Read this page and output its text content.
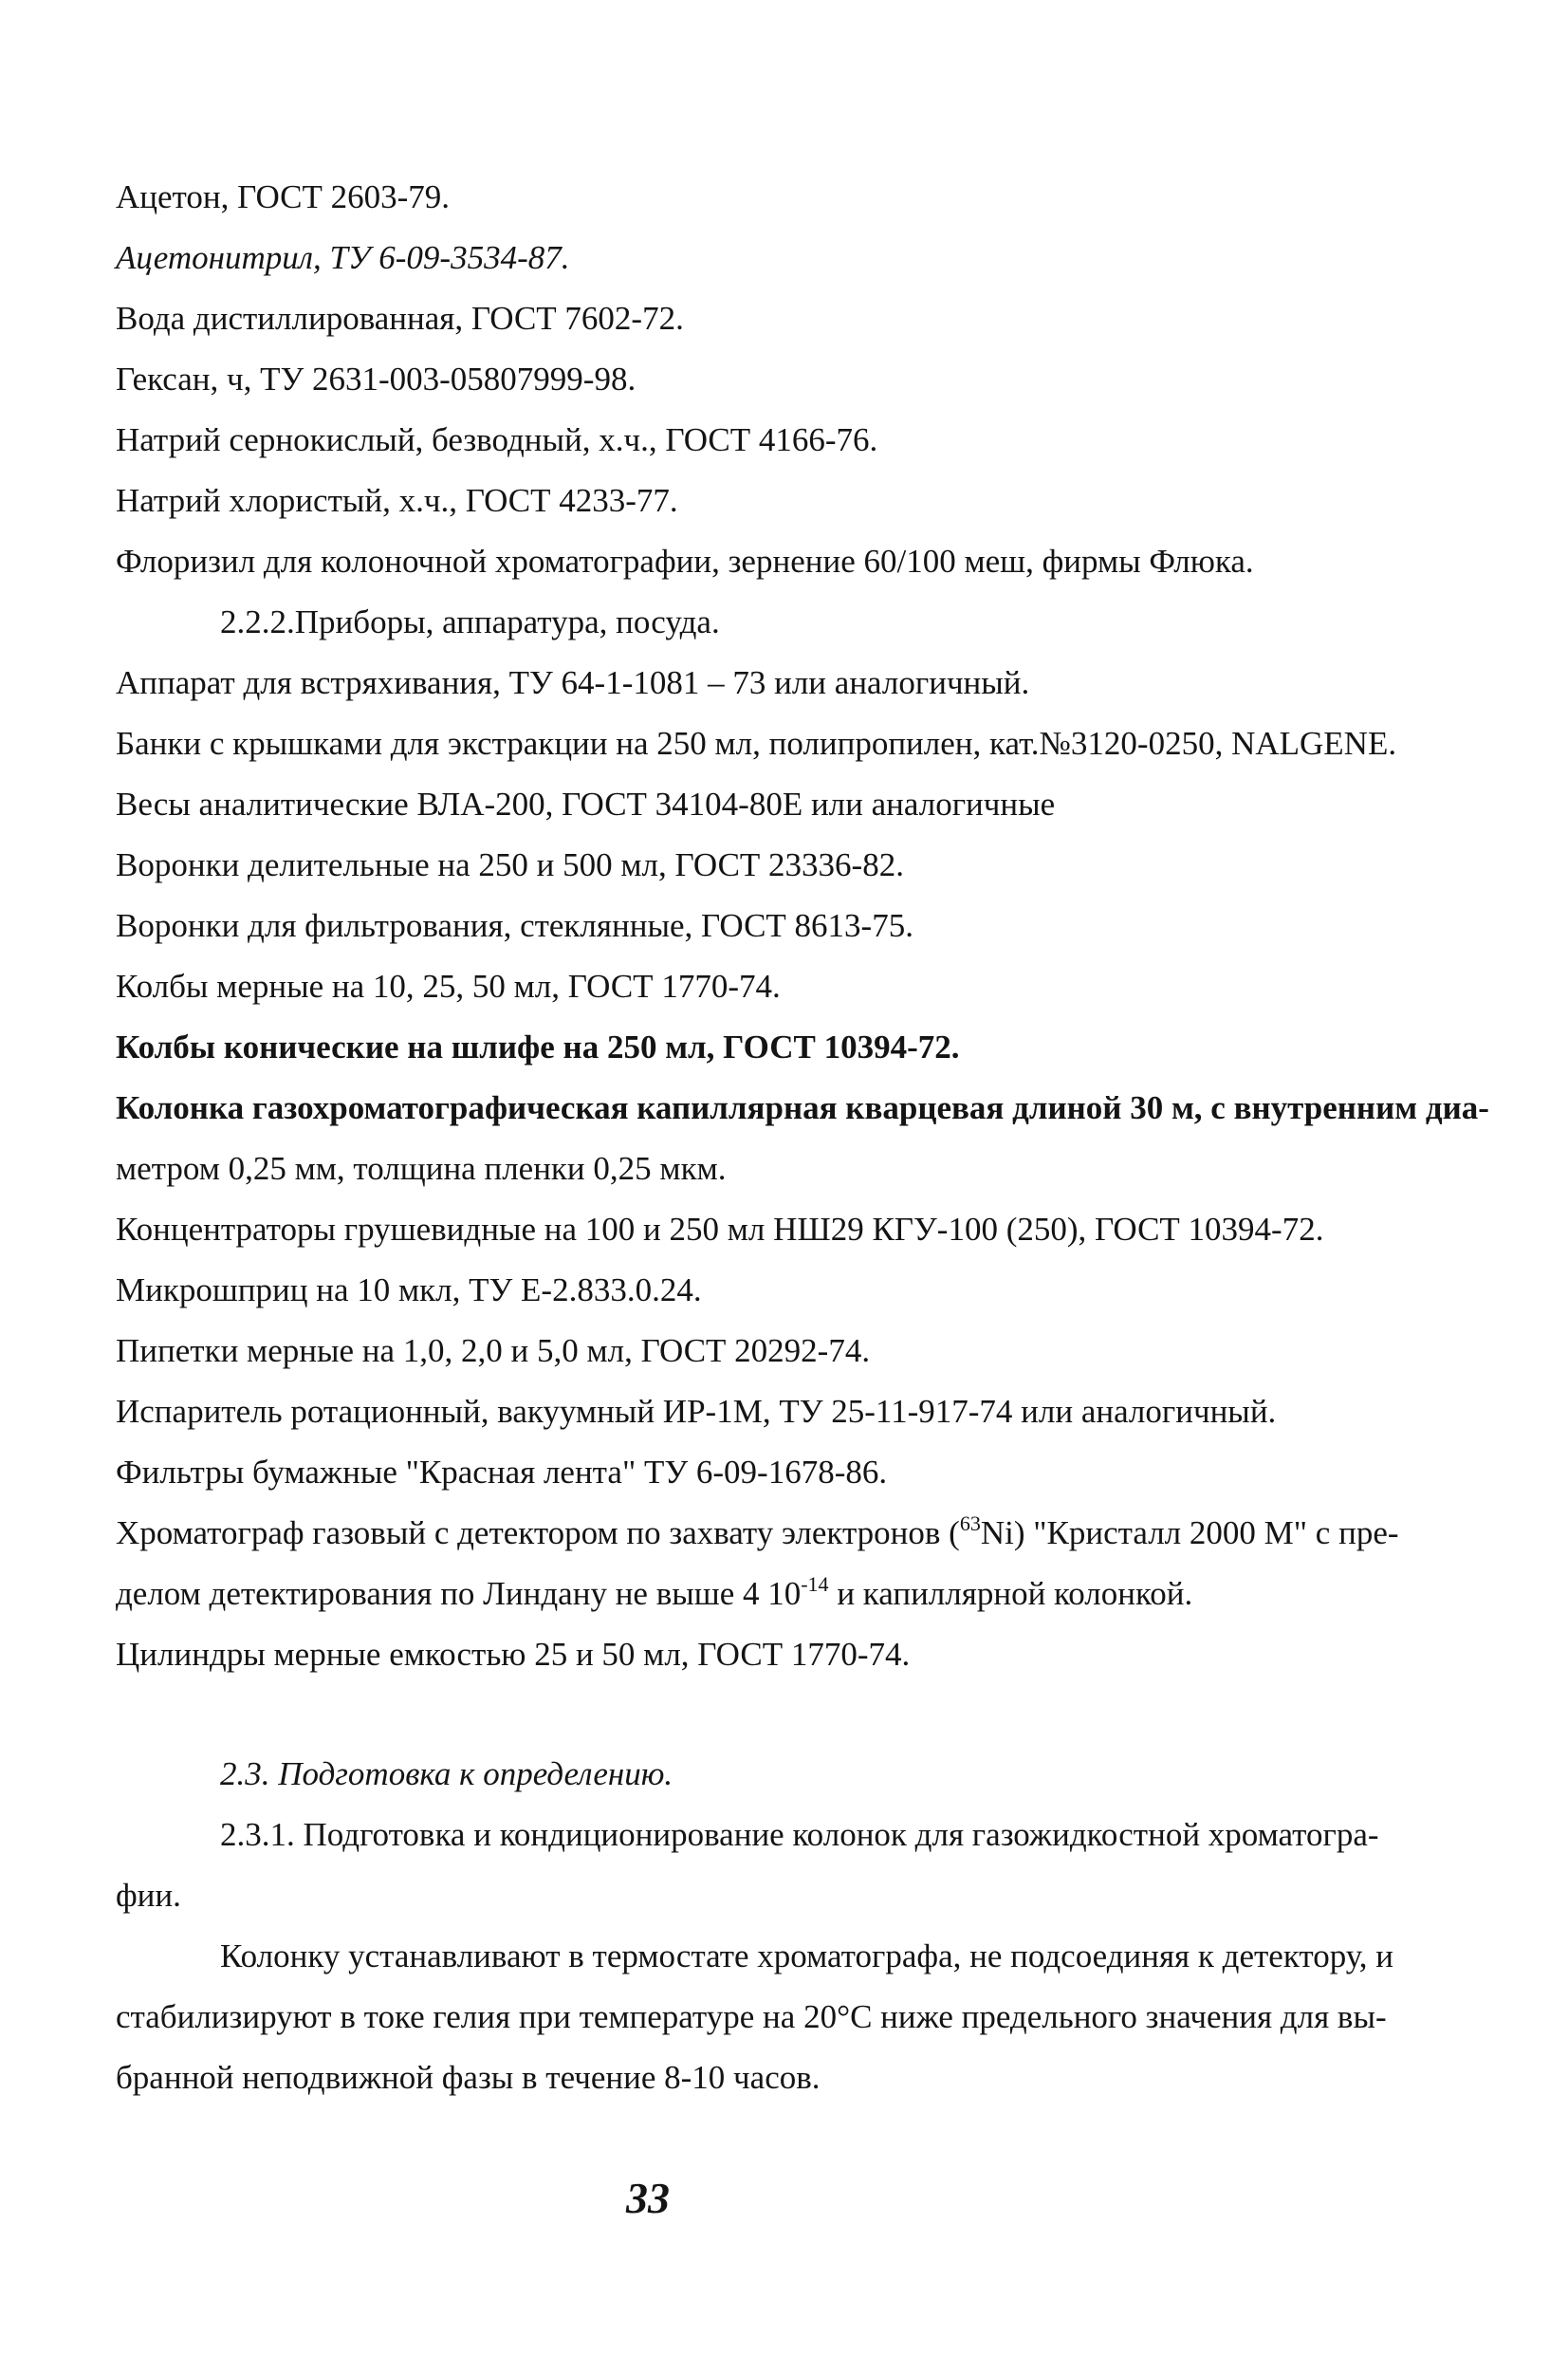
Ацетон, ГОСТ 2603-79.
Ацетонитрил, ТУ 6-09-3534-87.
Вода дистиллированная, ГОСТ 7602-72.
Гексан, ч, ТУ 2631-003-05807999-98.
Натрий сернокислый, безводный, х.ч., ГОСТ 4166-76.
Натрий хлористый, х.ч., ГОСТ 4233-77.
Флоризил для колоночной хроматографии, зернение 60/100 меш, фирмы Флюка.
2.2.2.Приборы, аппаратура, посуда.
Аппарат для встряхивания, ТУ 64-1-1081 – 73 или аналогичный.
Банки с крышками для экстракции на 250 мл, полипропилен, кат.№3120-0250, NALGENE.
Весы аналитические ВЛА-200, ГОСТ 34104-80Е или аналогичные
Воронки делительные на 250 и 500 мл, ГОСТ 23336-82.
Воронки для фильтрования, стеклянные, ГОСТ 8613-75.
Колбы мерные на 10, 25, 50 мл, ГОСТ 1770-74.
Колбы конические на шлифе на 250 мл, ГОСТ 10394-72.
Колонка газохроматографическая капиллярная кварцевая длиной 30 м, с внутренним диа-
метром 0,25 мм, толщина пленки 0,25 мкм.
Концентраторы грушевидные на 100 и 250 мл НШ29 КГУ-100 (250), ГОСТ 10394-72.
Микрошприц на 10 мкл, ТУ Е-2.833.0.24.
Пипетки мерные на 1,0, 2,0 и 5,0 мл, ГОСТ 20292-74.
Испаритель ротационный, вакуумный ИР-1М, ТУ 25-11-917-74 или аналогичный.
Фильтры бумажные "Красная лента" ТУ 6-09-1678-86.
Хроматограф газовый с детектором по захвату электронов ($^{63}$Ni) "Кристалл 2000 М" с пре-
делом детектирования по Линдану не выше 4 $10^{-14}$ и капиллярной колонкой.
Цилиндры мерные емкостью 25 и 50 мл, ГОСТ 1770-74.
2.3. Подготовка к определению.
2.3.1. Подготовка и кондиционирование колонок для газожидкостной хроматогра-
фии.
Колонку устанавливают в термостате хроматографа, не подсоединяя к детектору, и
стабилизируют в токе гелия при температуре на 20°С ниже предельного значения для вы-
бранной неподвижной фазы в течение 8-10 часов.
33
